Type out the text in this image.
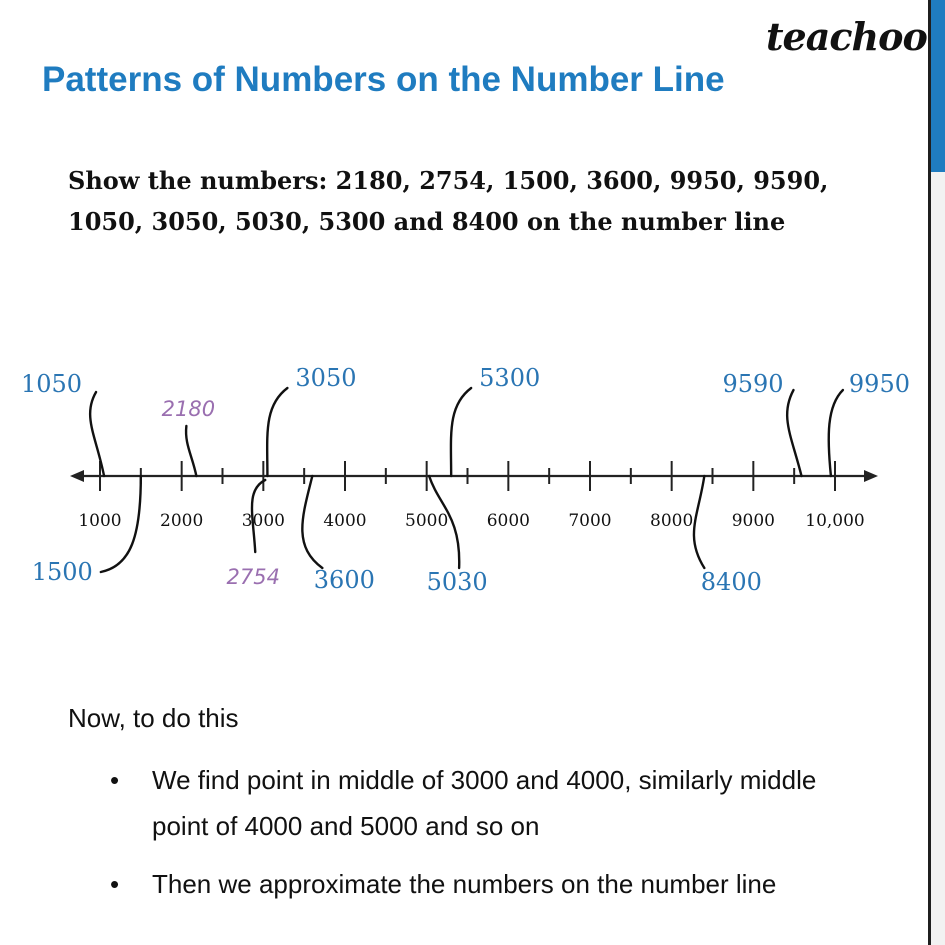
teachoo
Patterns of Numbers on the Number Line
Show the numbers: 2180, 2754, 1500, 3600, 9950, 9590, 1050, 3050, 5030, 5300 and 8400 on the number line
1000 2000 3000 4000 5000 6000 7000 8000 9000 10,000
1050
1500
2180
2754
3050
3600
5300
5030	8400
9590	9950
Now, to do this
• We find point in middle of 3000 and 4000, similarly middle point of 4000 and 5000 and so on
• Then we approximate the numbers on the number line
